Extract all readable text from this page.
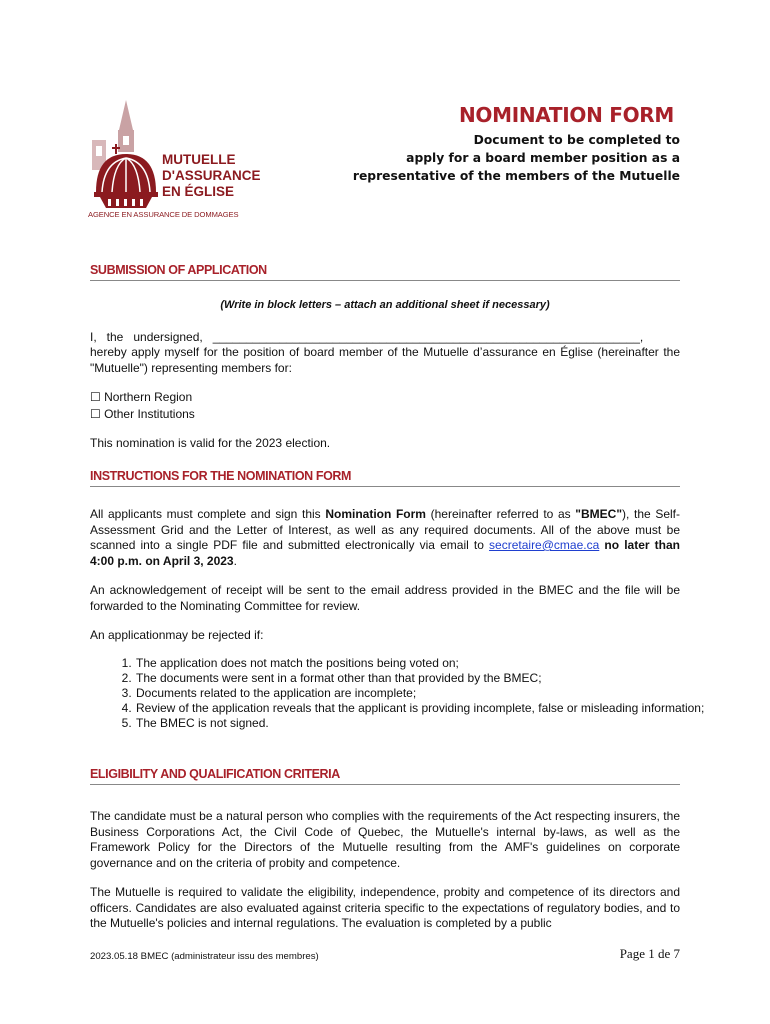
MUTUELLE
D'ASSURANCE
EN ÉGLISE
AGENCE EN ASSURANCE DE DOMMAGES
NOMINATION FORM
Document to be completed to
apply for a board member position as a
representative of the members of the Mutuelle
SUBMISSION OF APPLICATION
(Write in block letters – attach an additional sheet if necessary)
I,   the   undersigned,   ________________________________________________________________,
hereby apply myself for the position of board member of the Mutuelle d’assurance en Église (hereinafter the "Mutuelle") representing members for:
☐ Northern Region
☐ Other Institutions
This nomination is valid for the 2023 election.
INSTRUCTIONS FOR THE NOMINATION FORM
All applicants must complete and sign this Nomination Form (hereinafter referred to as "BMEC"), the Self-Assessment Grid and the Letter of Interest, as well as any required documents. All of the above must be scanned into a single PDF file and submitted electronically via email to secretaire@cmae.ca no later than 4:00 p.m. on April 3, 2023.
An acknowledgement of receipt will be sent to the email address provided in the BMEC and the file will be forwarded to the Nominating Committee for review.
An applicationmay be rejected if:
1. The application does not match the positions being voted on;
2. The documents were sent in a format other than that provided by the BMEC;
3. Documents related to the application are incomplete;
4. Review of the application reveals that the applicant is providing incomplete, false or misleading information;
5. The BMEC is not signed.
ELIGIBILITY AND QUALIFICATION CRITERIA
The candidate must be a natural person who complies with the requirements of the Act respecting insurers, the Business Corporations Act, the Civil Code of Quebec, the Mutuelle's internal by-laws, as well as the Framework Policy for the Directors of the Mutuelle resulting from the AMF's guidelines on corporate governance and on the criteria of probity and competence.
The Mutuelle is required to validate the eligibility, independence, probity and competence of its directors and officers. Candidates are also evaluated against criteria specific to the expectations of regulatory bodies, and to the Mutuelle's policies and internal regulations. The evaluation is completed by a public
2023.05.18 BMEC (administrateur issu des membres)	Page 1 de 7
